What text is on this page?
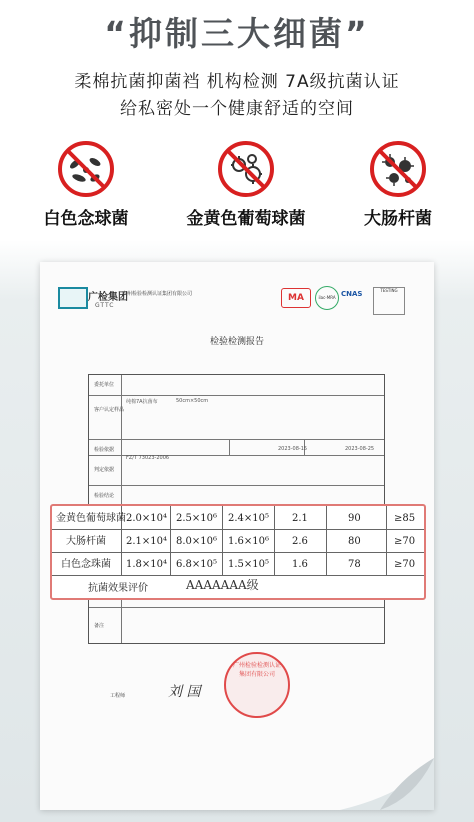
“抑制三大细菌”
柔棉抗菌抑菌裆 机构检测 7A级抗菌认证
给私密处一个健康舒适的空间
白色念球菌	金黄色葡萄球菌	大肠杆菌
广检集团
GTTC
广州检验检测认证集团有限公司	MA	ilac-MRA CNAS	TESTING
检验检测报告
委托单位
客户认定样品
纯棉7A抗菌布	50cm×50cm
检验依据
FZ/T 73023-2006
2023-08-15	2023-08-25
判定依据
检验结论
备注
工程师
金黄色葡萄球菌 2.0×10⁴ 2.5×10⁶ 2.4×10⁵ 2.1	90	≥85
大肠杆菌 2.1×10⁴ 8.0×10⁶ 1.6×10⁶ 2.6	80	≥70
白色念珠菌 1.8×10⁴ 6.8×10⁵ 1.5×10⁵ 1.6	78	≥70
抗菌效果评价	AAAAAAA级
刘 国
广州检验检测认证集团有限公司
